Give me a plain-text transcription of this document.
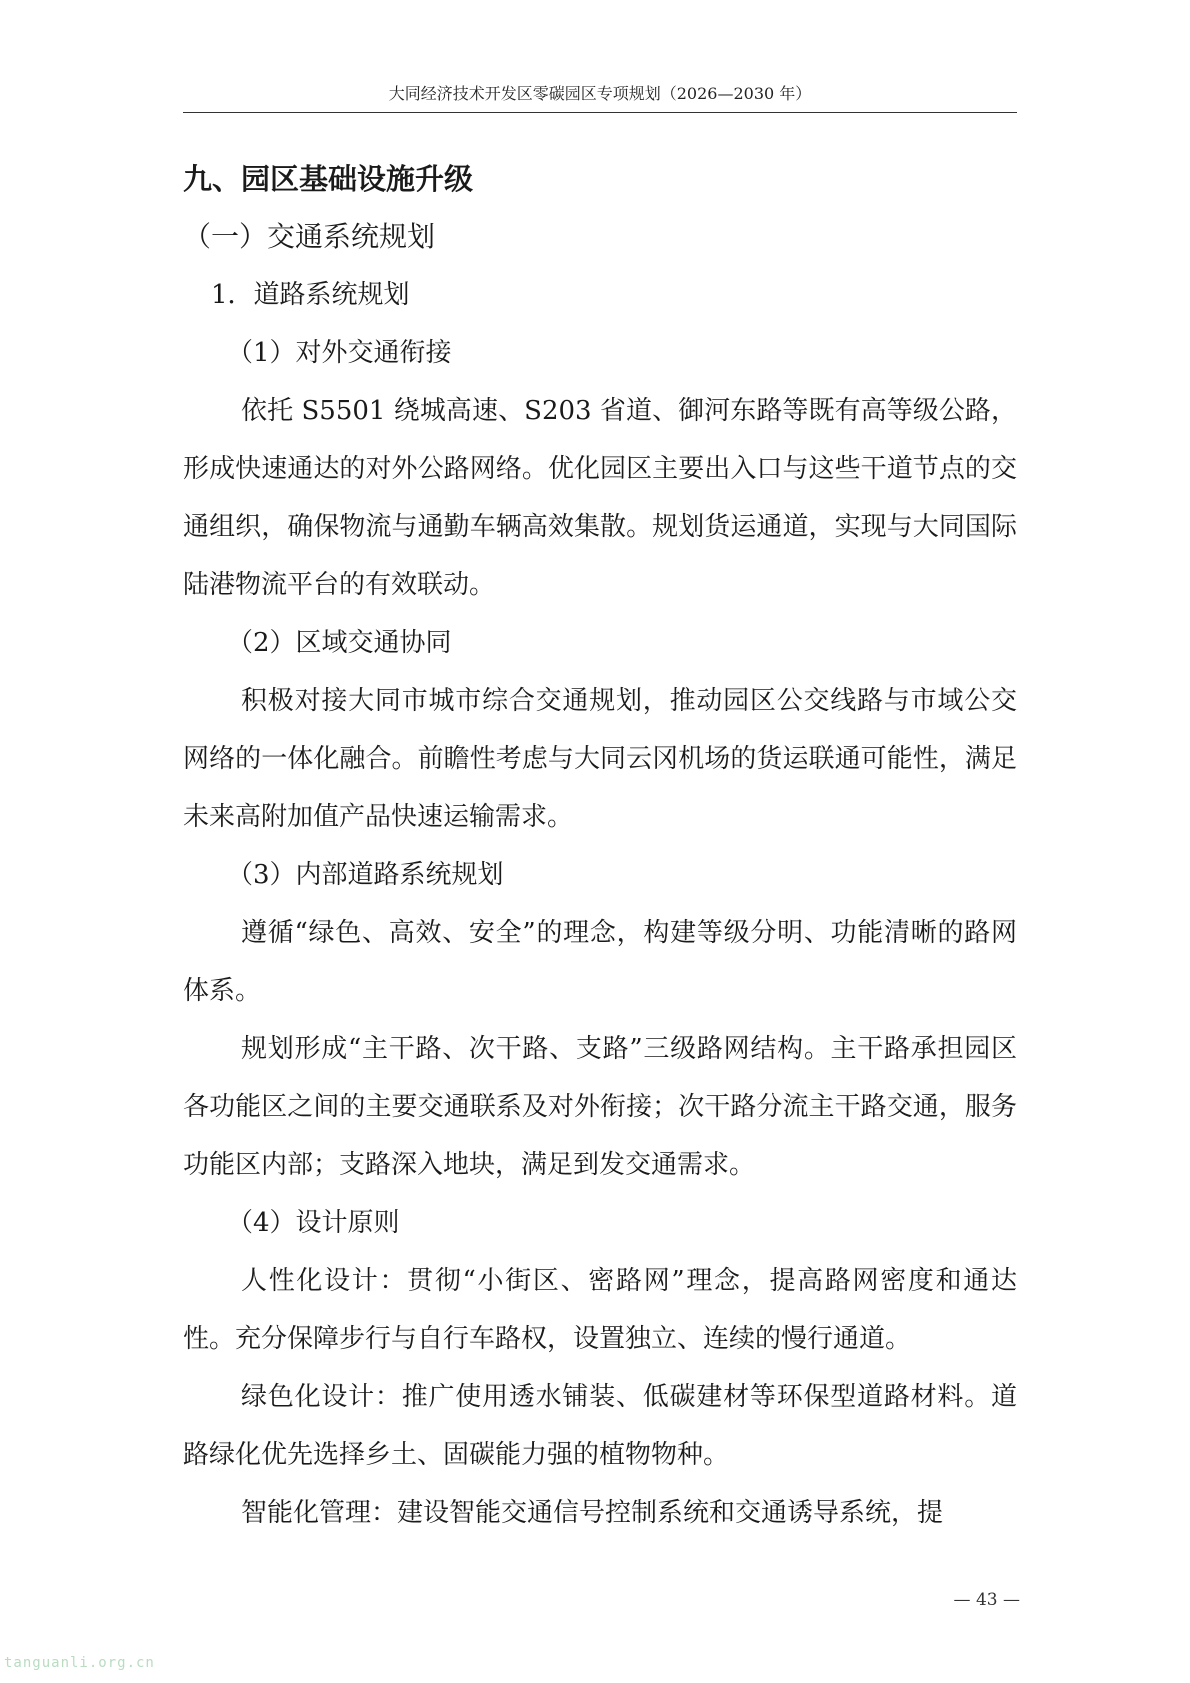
大同经济技术开发区零碳园区专项规划（2026—2030 年）
九、园区基础设施升级
（一）交通系统规划
1．道路系统规划
（1）对外交通衔接

依托 S5501 绕城高速、S203 省道、御河东路等既有高等级公路，形成快速通达的对外公路网络。优化园区主要出入口与这些干道节点的交通组织，确保物流与通勤车辆高效集散。规划货运通道，实现与大同国际陆港物流平台的有效联动。

（2）区域交通协同

积极对接大同市城市综合交通规划，推动园区公交线路与市域公交网络的一体化融合。前瞻性考虑与大同云冈机场的货运联通可能性，满足未来高附加值产品快速运输需求。

（3）内部道路系统规划

遵循“绿色、高效、安全”的理念，构建等级分明、功能清晰的路网体系。

规划形成“主干路、次干路、支路”三级路网结构。主干路承担园区各功能区之间的主要交通联系及对外衔接；次干路分流主干路交通，服务功能区内部；支路深入地块，满足到发交通需求。

（4）设计原则

人性化设计：贯彻“小街区、密路网”理念，提高路网密度和通达性。充分保障步行与自行车路权，设置独立、连续的慢行通道。

绿色化设计：推广使用透水铺装、低碳建材等环保型道路材料。道路绿化优先选择乡土、固碳能力强的植物物种。

智能化管理：建设智能交通信号控制系统和交通诱导系统，提

— 43 —
tanguanli.org.cn
